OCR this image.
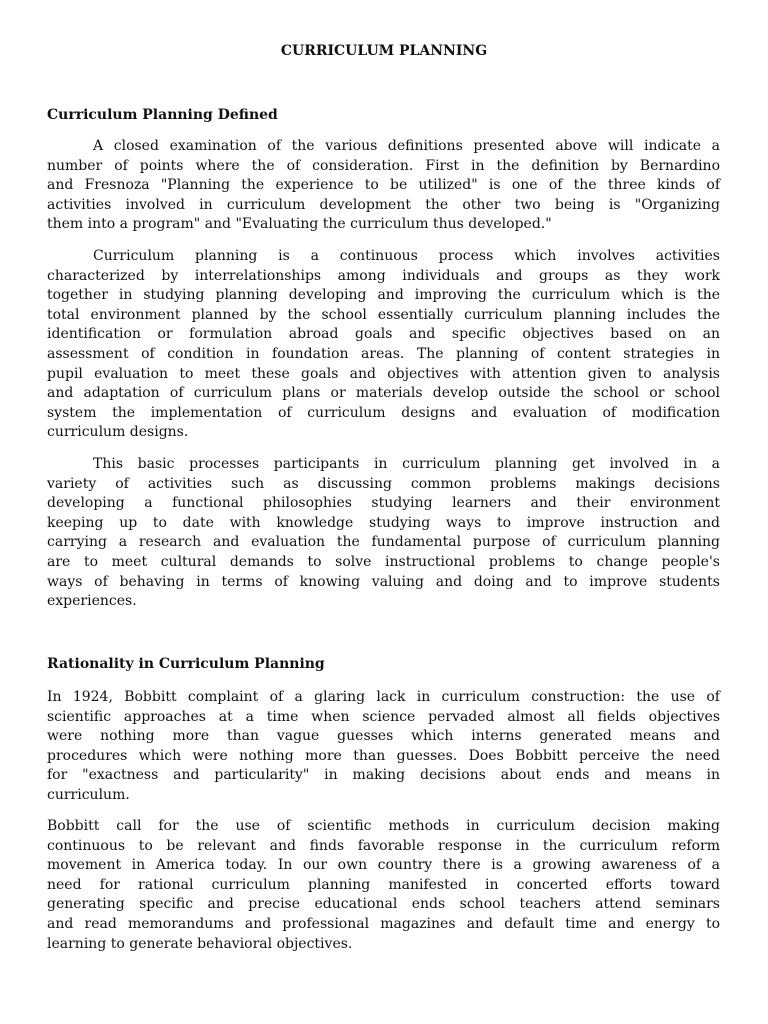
CURRICULUM PLANNING
Curriculum Planning Defined
A closed examination of the various definitions presented above will indicate a
number of points where the of consideration. First in the definition by Bernardino
and Fresnoza "Planning the experience to be utilized" is one of the three kinds of
activities involved in curriculum development the other two being is "Organizing
them into a program" and "Evaluating the curriculum thus developed."
Curriculum planning is a continuous process which involves activities
characterized by interrelationships among individuals and groups as they work
together in studying planning developing and improving the curriculum which is the
total environment planned by the school essentially curriculum planning includes the
identification or formulation abroad goals and specific objectives based on an
assessment of condition in foundation areas. The planning of content strategies in
pupil evaluation to meet these goals and objectives with attention given to analysis
and adaptation of curriculum plans or materials develop outside the school or school
system the implementation of curriculum designs and evaluation of modification
curriculum designs.
This basic processes participants in curriculum planning get involved in a
variety of activities such as discussing common problems makings decisions
developing a functional philosophies studying learners and their environment
keeping up to date with knowledge studying ways to improve instruction and
carrying a research and evaluation the fundamental purpose of curriculum planning
are to meet cultural demands to solve instructional problems to change people's
ways of behaving in terms of knowing valuing and doing and to improve students
experiences.
Rationality in Curriculum Planning
In 1924, Bobbitt complaint of a glaring lack in curriculum construction: the use of
scientific approaches at a time when science pervaded almost all fields objectives
were nothing more than vague guesses which interns generated means and
procedures which were nothing more than guesses. Does Bobbitt perceive the need
for "exactness and particularity" in making decisions about ends and means in
curriculum.
Bobbitt call for the use of scientific methods in curriculum decision making
continuous to be relevant and finds favorable response in the curriculum reform
movement in America today. In our own country there is a growing awareness of a
need for rational curriculum planning manifested in concerted efforts toward
generating specific and precise educational ends school teachers attend seminars
and read memorandums and professional magazines and default time and energy to
learning to generate behavioral objectives.
